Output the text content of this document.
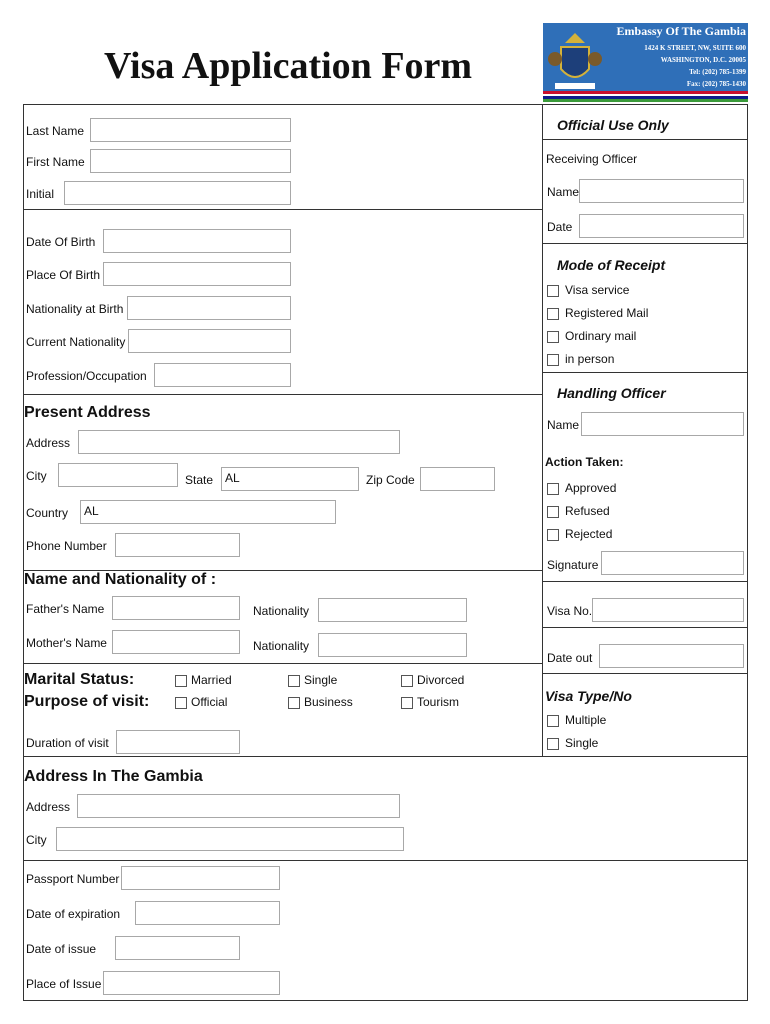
Visa Application Form
Embassy Of The Gambia
1424 K STREET, NW, SUITE 600
WASHINGTON, D.C. 20005
Tel: (202) 785-1399
Fax: (202) 785-1430
Last Name
First Name
Initial
Date Of Birth
Place Of Birth
Nationality at Birth
Current Nationality
Profession/Occupation
Present Address
Address
City	State AL	Zip Code
Country	AL
Phone Number
Name and Nationality of :
Father's Name	Nationality
Mother's Name	Nationality
Marital Status:	Married	Single	Divorced
Purpose of visit:	Official	Business	Tourism
Duration of visit
Address In The Gambia
Address
City
Passport Number
Date of expiration
Date of issue
Place of Issue
Official Use Only
Receiving Officer
Name
Date
Mode of Receipt
Visa service
Registered Mail
Ordinary mail
in person
Handling Officer
Name
Action Taken:
Approved
Refused
Rejected
Signature
Visa No.
Date out
Visa Type/No
Multiple
Single
